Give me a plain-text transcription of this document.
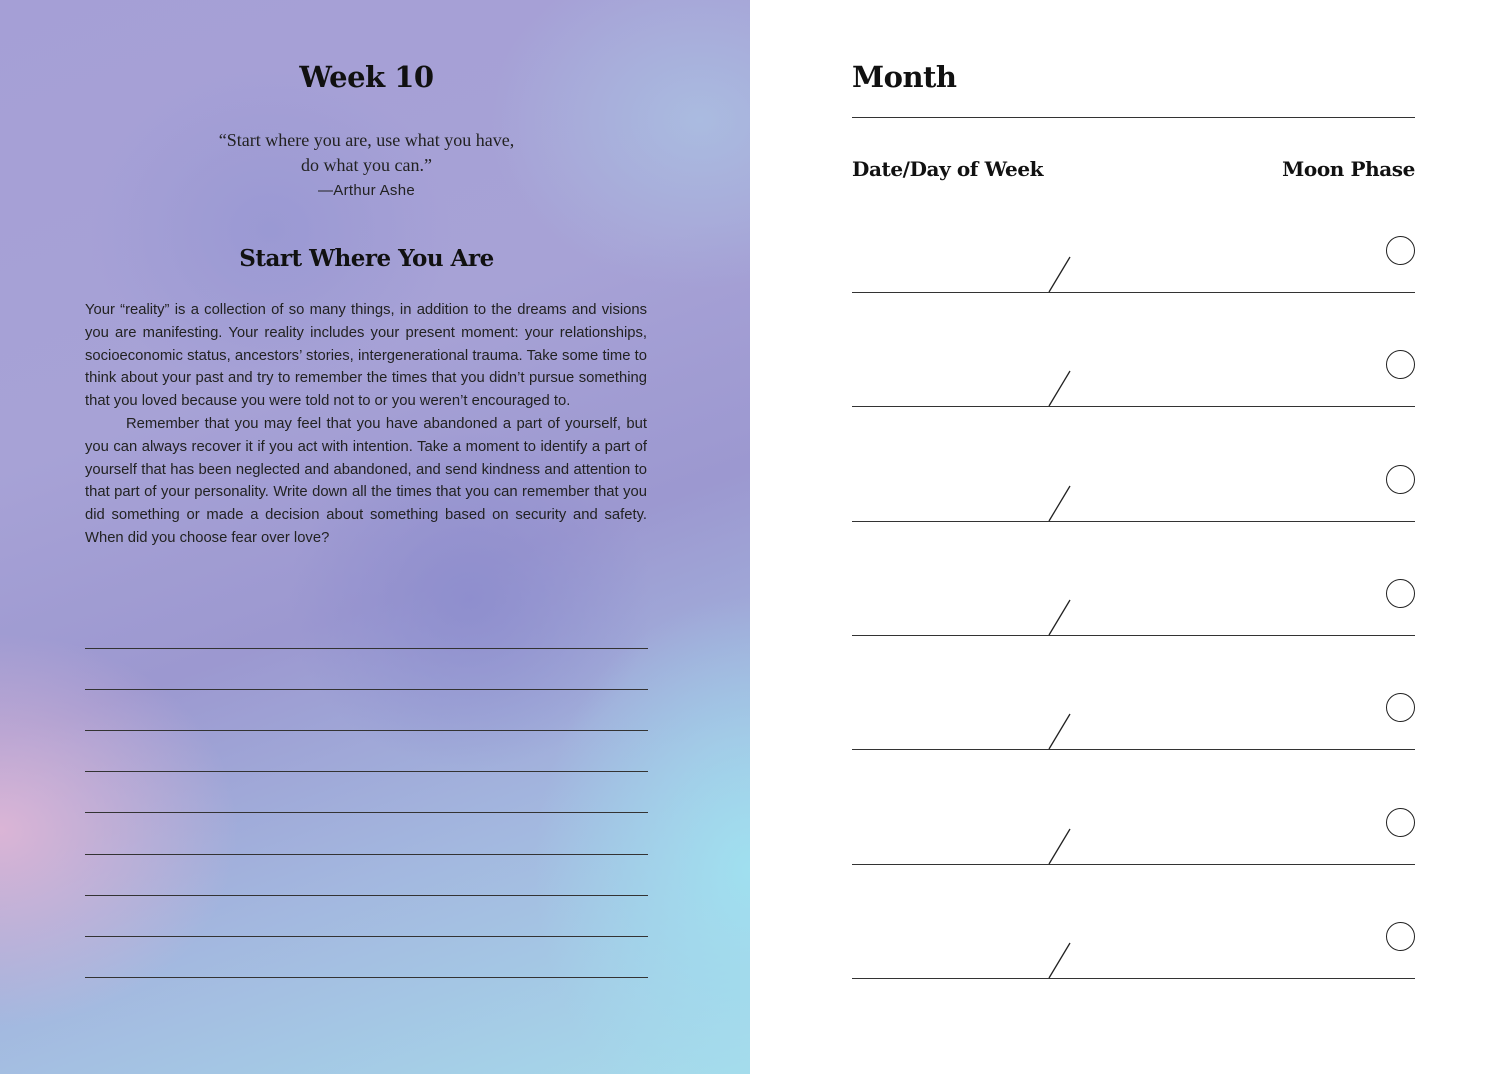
Week 10
“Start where you are, use what you have,
do what you can.”
—Arthur Ashe
Start Where You Are

Your “reality” is a collection of so many things, in addition to the dreams and visions you are manifesting. Your reality includes your present moment: your relationships, socioeconomic status, ancestors’ stories, intergenerational trauma. Take some time to think about your past and try to remember the times that you didn’t pursue something that you loved because you were told not to or you weren’t encouraged to.

Remember that you may feel that you have abandoned a part of yourself, but you can always recover it if you act with intention. Take a moment to identify a part of yourself that has been neglected and abandoned, and send kindness and attention to that part of your personality. Write down all the times that you can remember that you did something or made a decision about something based on security and safety. When did you choose fear over love?

Month
Date/Day of Week	Moon Phase
